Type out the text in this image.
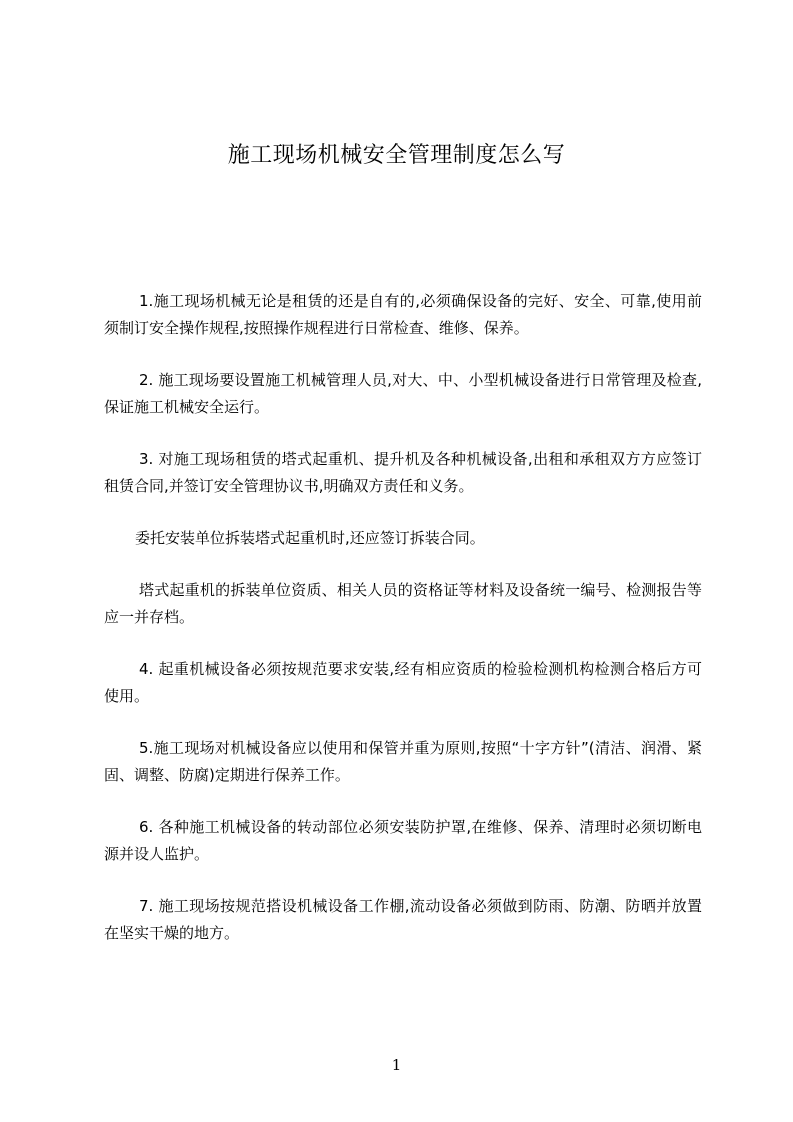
施工现场机械安全管理制度怎么写

1.施工现场机械无论是租赁的还是自有的,必须确保设备的完好、安全、可靠,使用前须制订安全操作规程,按照操作规程进行日常检查、维修、保养。

2. 施工现场要设置施工机械管理人员,对大、中、小型机械设备进行日常管理及检查,保证施工机械安全运行。

3. 对施工现场租赁的塔式起重机、提升机及各种机械设备,出租和承租双方方应签订租赁合同,并签订安全管理协议书,明确双方责任和义务。

委托安装单位拆装塔式起重机时,还应签订拆装合同。

塔式起重机的拆装单位资质、相关人员的资格证等材料及设备统一编号、检测报告等应一并存档。

4. 起重机械设备必须按规范要求安装,经有相应资质的检验检测机构检测合格后方可使用。

5.施工现场对机械设备应以使用和保管并重为原则,按照“十字方针”(清洁、润滑、紧固、调整、防腐)定期进行保养工作。

6. 各种施工机械设备的转动部位必须安装防护罩,在维修、保养、清理时必须切断电源并设人监护。

7. 施工现场按规范搭设机械设备工作棚,流动设备必须做到防雨、防潮、防晒并放置在坚实干燥的地方。

1
